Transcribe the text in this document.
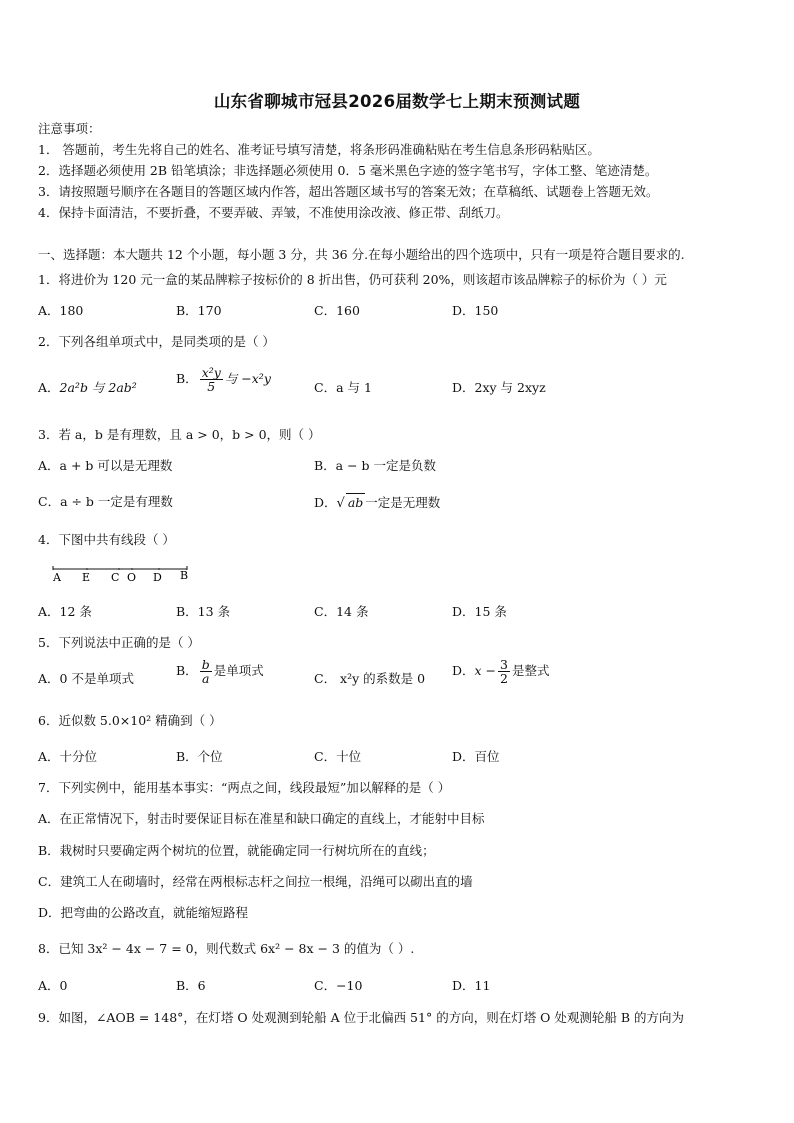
山东省聊城市冠县2026届数学七上期末预测试题
注意事项：
1． 答题前，考生先将自己的姓名、准考证号填写清楚，将条形码准确粘贴在考生信息条形码粘贴区。
2．选择题必须使用 2B 铅笔填涂；非选择题必须使用 0．5 毫米黑色字迹的签字笔书写，字体工整、笔迹清楚。
3．请按照题号顺序在各题目的答题区域内作答，超出答题区域书写的答案无效；在草稿纸、试题卷上答题无效。
4．保持卡面清洁，不要折叠，不要弄破、弄皱，不准使用涂改液、修正带、刮纸刀。
一、选择题：本大题共 12 个小题，每小题 3 分，共 36 分.在每小题给出的四个选项中，只有一项是符合题目要求的.
1．将进价为 120 元一盒的某品牌粽子按标价的 8 折出售，仍可获利 20%，则该超市该品牌粽子的标价为（ ）元
A．180	B．170	C．160	D．150
2．下列各组单项式中，是同类项的是（ ）
A．2a²b 与 2ab²
B． $\frac{\text{x²y}}{5}$ 与 −x²y
C．a 与 1	D．2xy 与 2xyz
3．若 a，b 是有理数，且 a > 0，b > 0，则（ ）
A．a + b 可以是无理数	B．a − b 一定是负数
C．a ÷ b 一定是有理数	D．√ ab 一定是无理数
4．下图中共有线段（ ）
A E C O D B
A．12 条	B．13 条	C．14 条	D．15 条
5．下列说法中正确的是（ ）
A．0 不是单项式
B． $\frac{b}{a}$ 是单项式
C． x²y 的系数是 0
D．$x - \frac{3}{2}$ 是整式
6．近似数 5.0×10² 精确到（ ）
A．十分位	B．个位	C．十位	D．百位
7．下列实例中，能用基本事实：“两点之间，线段最短”加以解释的是（ ）
A．在正常情况下，射击时要保证目标在准星和缺口确定的直线上，才能射中目标
B．栽树时只要确定两个树坑的位置，就能确定同一行树坑所在的直线；
C．建筑工人在砌墙时，经常在两根标志杆之间拉一根绳，沿绳可以砌出直的墙
D．把弯曲的公路改直，就能缩短路程
8．已知 3x² − 4x − 7 = 0，则代数式 6x² − 8x − 3 的值为（ ）.
A．0	B．6	C．−10	D．11
9．如图，∠AOB = 148°，在灯塔 O 处观测到轮船 A 位于北偏西 51° 的方向，则在灯塔 O 处观测轮船 B 的方向为
